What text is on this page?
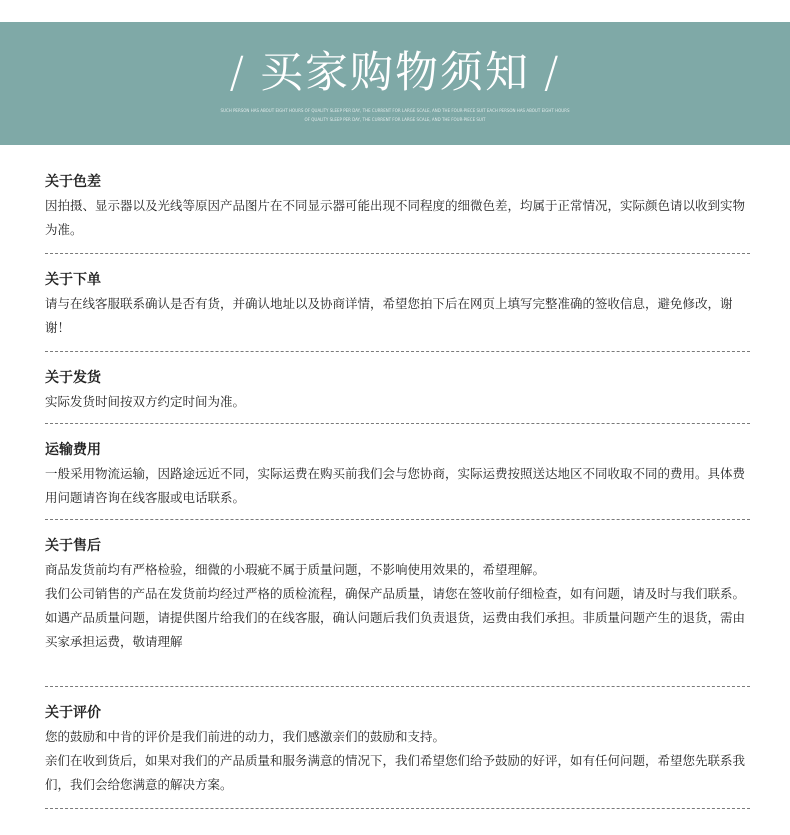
/ 买家购物须知 /
SUCH PERSON HAS ABOUT EIGHT HOURS OF QUALITY SLEEP PER DAY, THE CURRENT FOR LARGE SCALE, AND THE FOUR-PIECE SUIT EACH PERSON HAS ABOUT EIGHT HOURS
OF QUALITY SLEEP PER DAY, THE CURRENT FOR LARGE SCALE, AND THE FOUR-PIECE SUIT
关于色差

因拍摄、显示器以及光线等原因产品图片在不同显示器可能出现不同程度的细微色差，均属于正常情况，实际颜色请以收到实物为准。

关于下单

请与在线客服联系确认是否有货，并确认地址以及协商详情，希望您拍下后在网页上填写完整准确的签收信息，避免修改，谢谢！

关于发货

实际发货时间按双方约定时间为准。

运输费用

一般采用物流运输，因路途远近不同，实际运费在购买前我们会与您协商，实际运费按照送达地区不同收取不同的费用。具体费用问题请咨询在线客服或电话联系。

关于售后

商品发货前均有严格检验，细微的小瑕疵不属于质量问题，不影响使用效果的，希望理解。

我们公司销售的产品在发货前均经过严格的质检流程，确保产品质量，请您在签收前仔细检查，如有问题，请及时与我们联系。

如遇产品质量问题，请提供图片给我们的在线客服，确认问题后我们负责退货，运费由我们承担。非质量问题产生的退货，需由买家承担运费，敬请理解

关于评价

您的鼓励和中肯的评价是我们前进的动力，我们感激亲们的鼓励和支持。

亲们在收到货后，如果对我们的产品质量和服务满意的情况下，我们希望您们给予鼓励的好评，如有任何问题，希望您先联系我们，我们会给您满意的解决方案。
